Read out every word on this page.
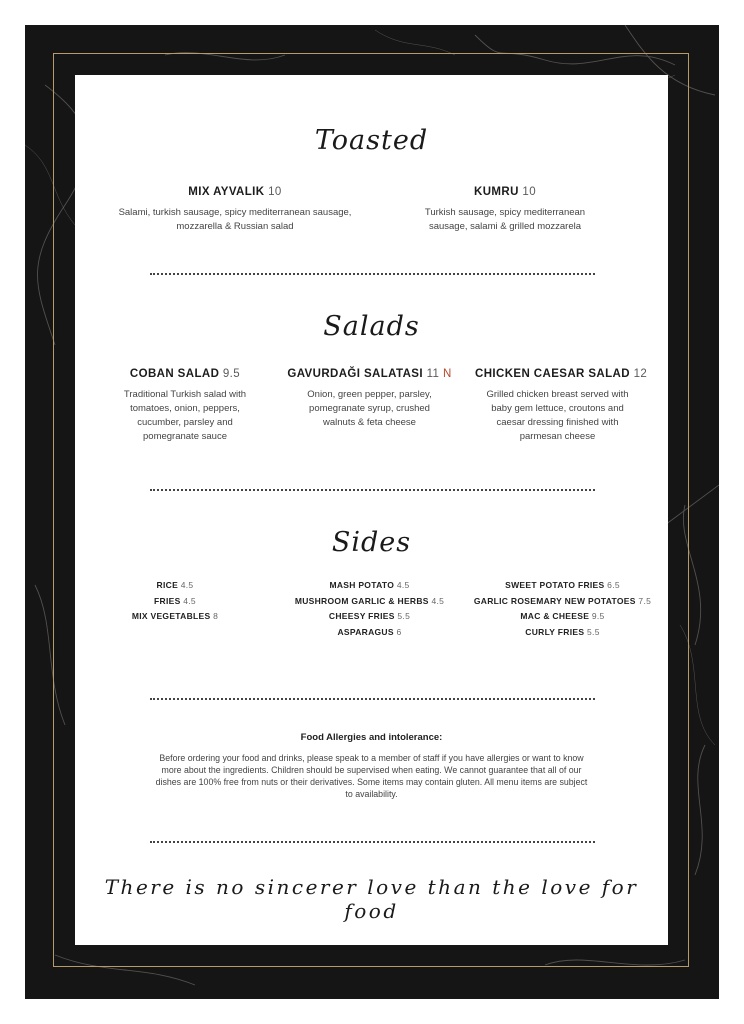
Toasted
MIX AYVALIK 10
Salami, turkish sausage, spicy mediterranean sausage, mozzarella & Russian salad
KUMRU 10
Turkish sausage, spicy mediterranean sausage, salami & grilled mozzarela
Salads
COBAN SALAD 9.5
Traditional Turkish salad with tomatoes, onion, peppers, cucumber, parsley and pomegranate sauce
GAVURDAĞI SALATASI 11 N
Onion, green pepper, parsley, pomegranate syrup, crushed walnuts & feta cheese
CHICKEN CAESAR SALAD 12
Grilled chicken breast served with baby gem lettuce, croutons and caesar dressing finished with parmesan cheese
Sides
RICE 4.5
FRIES 4.5
MIX VEGETABLES 8
MASH POTATO 4.5
MUSHROOM GARLIC & HERBS 4.5
CHEESY FRIES 5.5
ASPARAGUS 6
SWEET POTATO FRIES 6.5
GARLIC ROSEMARY NEW POTATOES 7.5
MAC & CHEESE 9.5
CURLY FRIES 5.5
Food Allergies and intolerance:
Before ordering your food and drinks, please speak to a member of staff if you have allergies or want to know more about the ingredients. Children should be supervised when eating. We cannot guarantee that all of our dishes are 100% free from nuts or their derivatives. Some items may contain gluten. All menu items are subject to availability.
There is no sincerer love than the love for food
